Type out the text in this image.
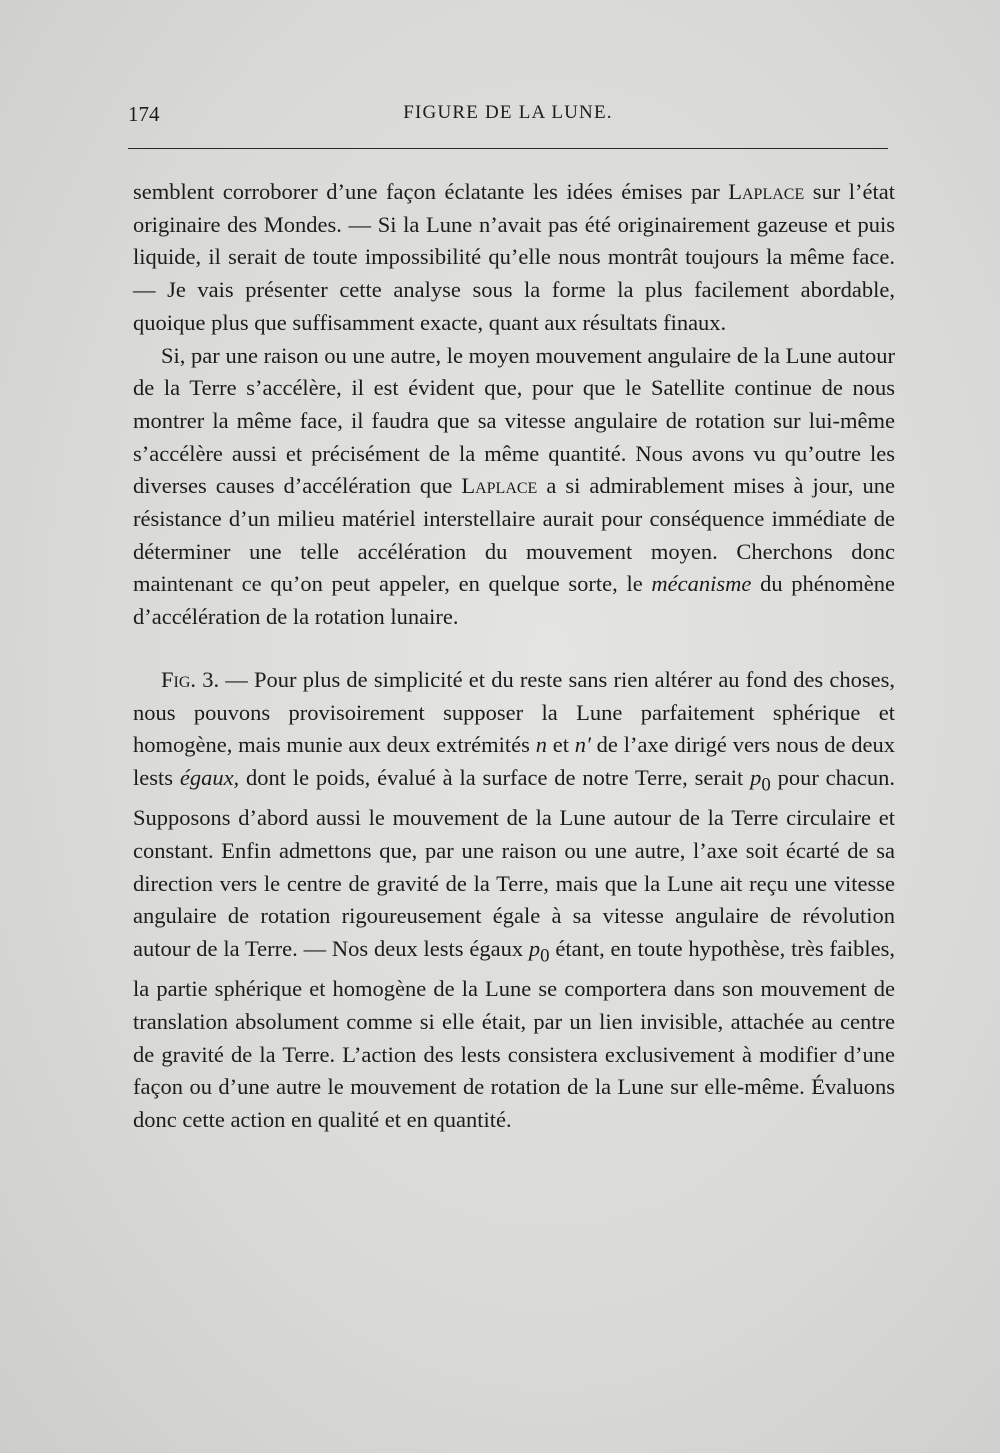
174	FIGURE DE LA LUNE.

semblent corroborer d’une façon éclatante les idées émises par Laplace sur l’état originaire des Mondes. — Si la Lune n’avait pas été originairement gazeuse et puis liquide, il serait de toute impossibilité qu’elle nous montrât toujours la même face. — Je vais présenter cette analyse sous la forme la plus facilement abordable, quoique plus que suffisamment exacte, quant aux résultats finaux.

Si, par une raison ou une autre, le moyen mouvement angulaire de la Lune autour de la Terre s’accélère, il est évident que, pour que le Satellite continue de nous montrer la même face, il faudra que sa vitesse angulaire de rotation sur lui-même s’accélère aussi et précisément de la même quantité. Nous avons vu qu’outre les diverses causes d’accélération que Laplace a si admirablement mises à jour, une résistance d’un milieu matériel interstellaire aurait pour conséquence immédiate de déterminer une telle accélération du mouvement moyen. Cherchons donc maintenant ce qu’on peut appeler, en quelque sorte, le mécanisme du phénomène d’accélération de la rotation lunaire.

Fig. 3. — Pour plus de simplicité et du reste sans rien altérer au fond des choses, nous pouvons provisoirement supposer la Lune parfaitement sphérique et homogène, mais munie aux deux extrémités n et n′ de l’axe dirigé vers nous de deux lests égaux, dont le poids, évalué à la surface de notre Terre, serait $p_0$ pour chacun. Supposons d’abord aussi le mouvement de la Lune autour de la Terre circulaire et constant. Enfin admettons que, par une raison ou une autre, l’axe soit écarté de sa direction vers le centre de gravité de la Terre, mais que la Lune ait reçu une vitesse angulaire de rotation rigoureusement égale à sa vitesse angulaire de révolution autour de la Terre. — Nos deux lests égaux $p_0$ étant, en toute hypothèse, très faibles, la partie sphérique et homogène de la Lune se comportera dans son mouvement de translation absolument comme si elle était, par un lien invisible, attachée au centre de gravité de la Terre. L’action des lests consistera exclusivement à modifier d’une façon ou d’une autre le mouvement de rotation de la Lune sur elle-même. Évaluons donc cette action en qualité et en quantité.
